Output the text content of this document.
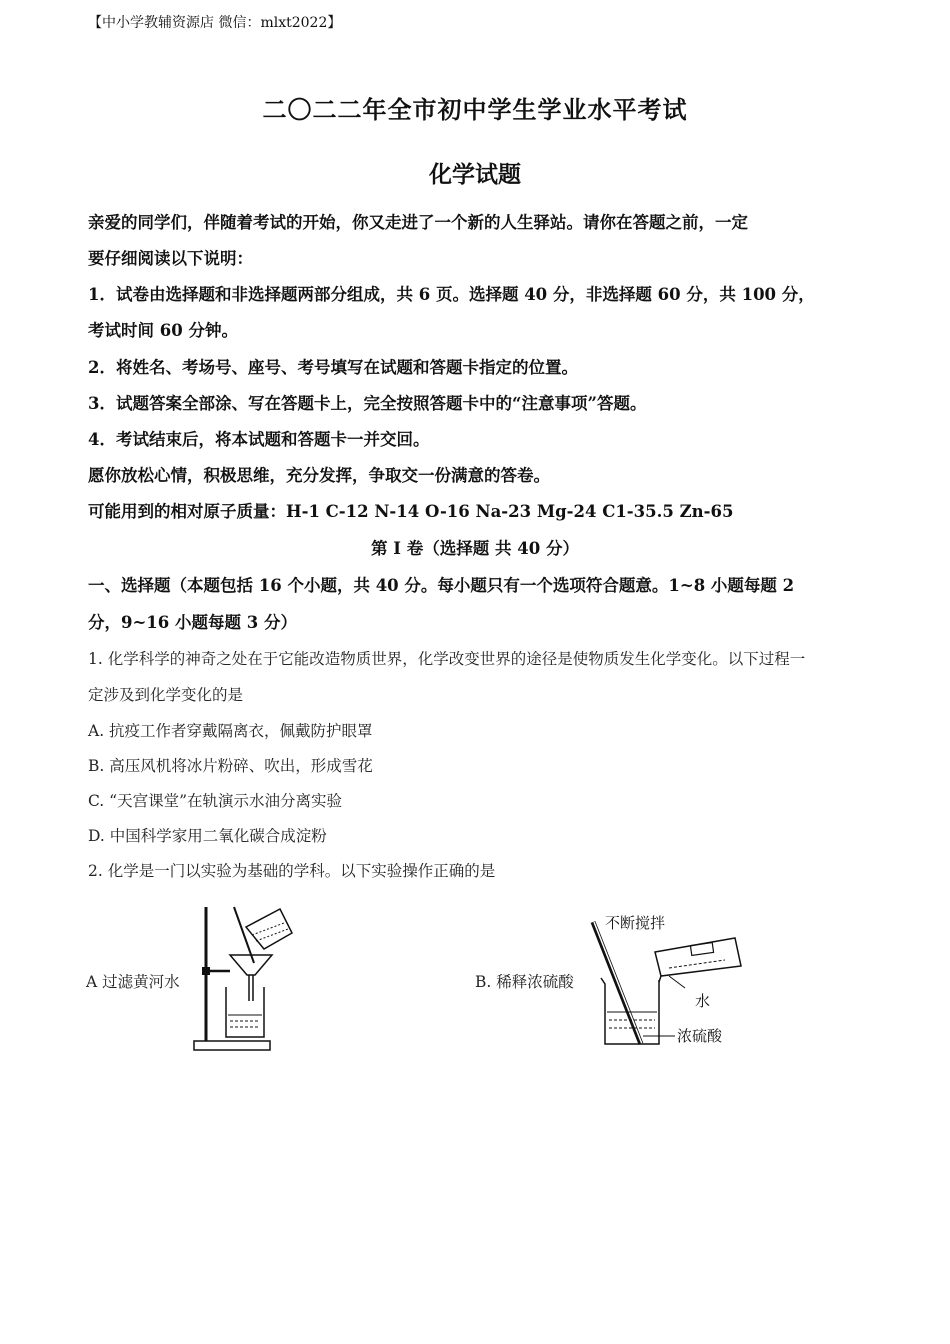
【中小学教辅资源店 微信：mlxt2022】
二〇二二年全市初中学生学业水平考试
化学试题
亲爱的同学们，伴随着考试的开始，你又走进了一个新的人生驿站。请你在答题之前，一定
要仔细阅读以下说明：
1．试卷由选择题和非选择题两部分组成，共 6 页。选择题 40 分，非选择题 60 分，共 100 分，
考试时间 60 分钟。
2．将姓名、考场号、座号、考号填写在试题和答题卡指定的位置。
3．试题答案全部涂、写在答题卡上，完全按照答题卡中的“注意事项”答题。
4．考试结束后，将本试题和答题卡一并交回。
愿你放松心情，积极思维，充分发挥，争取交一份满意的答卷。
可能用到的相对原子质量：H-1 C-12 N-14 O-16 Na-23 Mg-24 C1-35.5 Zn-65
第 I 卷（选择题 共 40 分）
一、选择题（本题包括 16 个小题，共 40 分。每小题只有一个选项符合题意。1~8 小题每题 2
分，9~16 小题每题 3 分）
1. 化学科学的神奇之处在于它能改造物质世界，化学改变世界的途径是使物质发生化学变化。以下过程一
定涉及到化学变化的是
A. 抗疫工作者穿戴隔离衣，佩戴防护眼罩
B. 高压风机将冰片粉碎、吹出，形成雪花
C. “天宫课堂”在轨演示水油分离实验
D. 中国科学家用二氧化碳合成淀粉
2. 化学是一门以实验为基础的学科。以下实验操作正确的是
A 过滤黄河水	B. 稀释浓硫酸
不断搅拌
水
浓硫酸
